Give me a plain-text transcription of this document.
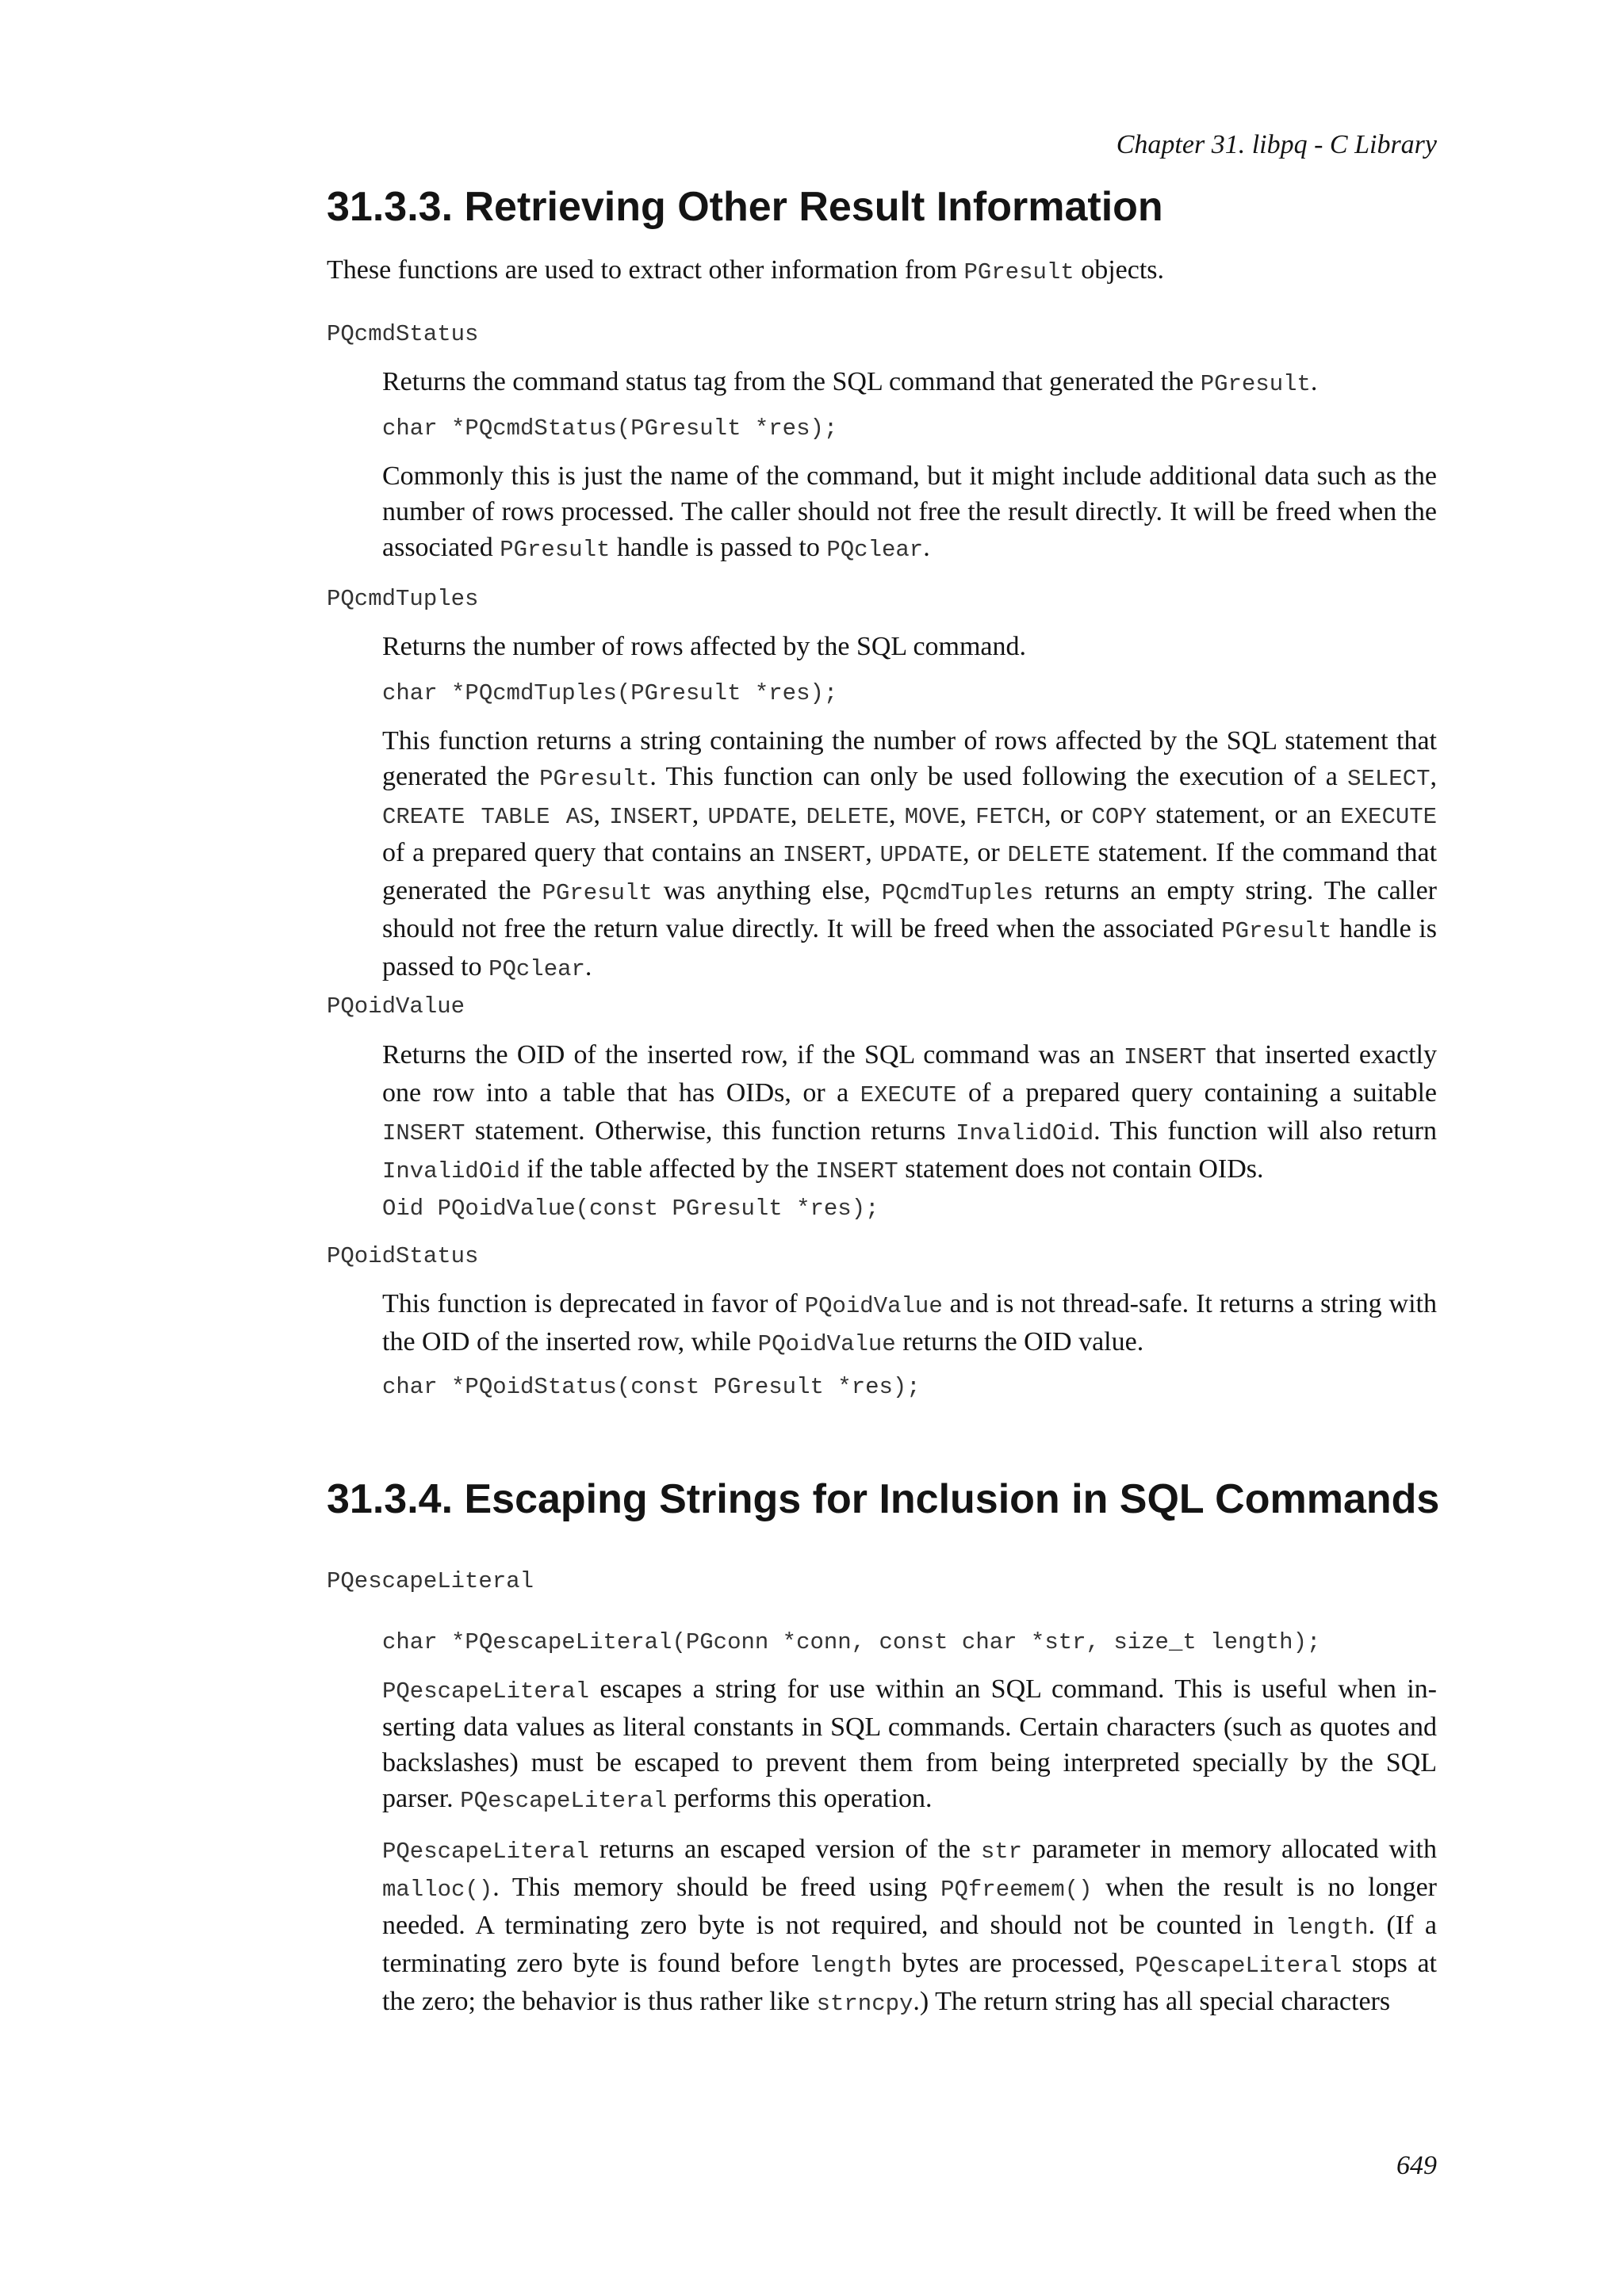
Chapter 31. libpq - C Library
31.3.3. Retrieving Other Result Information

These functions are used to extract other information from PGresult objects.

PQcmdStatus

Returns the command status tag from the SQL command that generated the PGresult.

char *PQcmdStatus(PGresult *res);

Commonly this is just the name of the command, but it might include additional data such as the number of rows processed. The caller should not free the result directly. It will be freed when the associated PGresult handle is passed to PQclear.

PQcmdTuples

Returns the number of rows affected by the SQL command.

char *PQcmdTuples(PGresult *res);

This function returns a string containing the number of rows affected by the SQL statement that generated the PGresult. This function can only be used following the execution of a SELECT, CREATE TABLE AS, INSERT, UPDATE, DELETE, MOVE, FETCH, or COPY statement, or an EXECUTE of a prepared query that contains an INSERT, UPDATE, or DELETE statement. If the command that generated the PGresult was anything else, PQcmdTuples returns an empty string. The caller should not free the return value directly. It will be freed when the associated PGresult handle is passed to PQclear.

PQoidValue

Returns the OID of the inserted row, if the SQL command was an INSERT that inserted exactly one row into a table that has OIDs, or a EXECUTE of a prepared query containing a suitable INSERT statement. Otherwise, this function returns InvalidOid. This function will also return InvalidOid if the table affected by the INSERT statement does not contain OIDs.

Oid PQoidValue(const PGresult *res);
PQoidStatus

This function is deprecated in favor of PQoidValue and is not thread-safe. It returns a string with the OID of the inserted row, while PQoidValue returns the OID value.

char *PQoidStatus(const PGresult *res);
31.3.4. Escaping Strings for Inclusion in SQL Commands
PQescapeLiteral
char *PQescapeLiteral(PGconn *conn, const char *str, size_t length);

PQescapeLiteral escapes a string for use within an SQL command. This is useful when inserting data values as literal constants in SQL commands. Certain characters (such as quotes and backslashes) must be escaped to prevent them from being interpreted specially by the SQL parser. PQescapeLiteral performs this operation.

PQescapeLiteral returns an escaped version of the str parameter in memory allocated with malloc(). This memory should be freed using PQfreemem() when the result is no longer needed. A terminating zero byte is not required, and should not be counted in length. (If a terminating zero byte is found before length bytes are processed, PQescapeLiteral stops at the zero; the behavior is thus rather like strncpy.) The return string has all special characters

649
